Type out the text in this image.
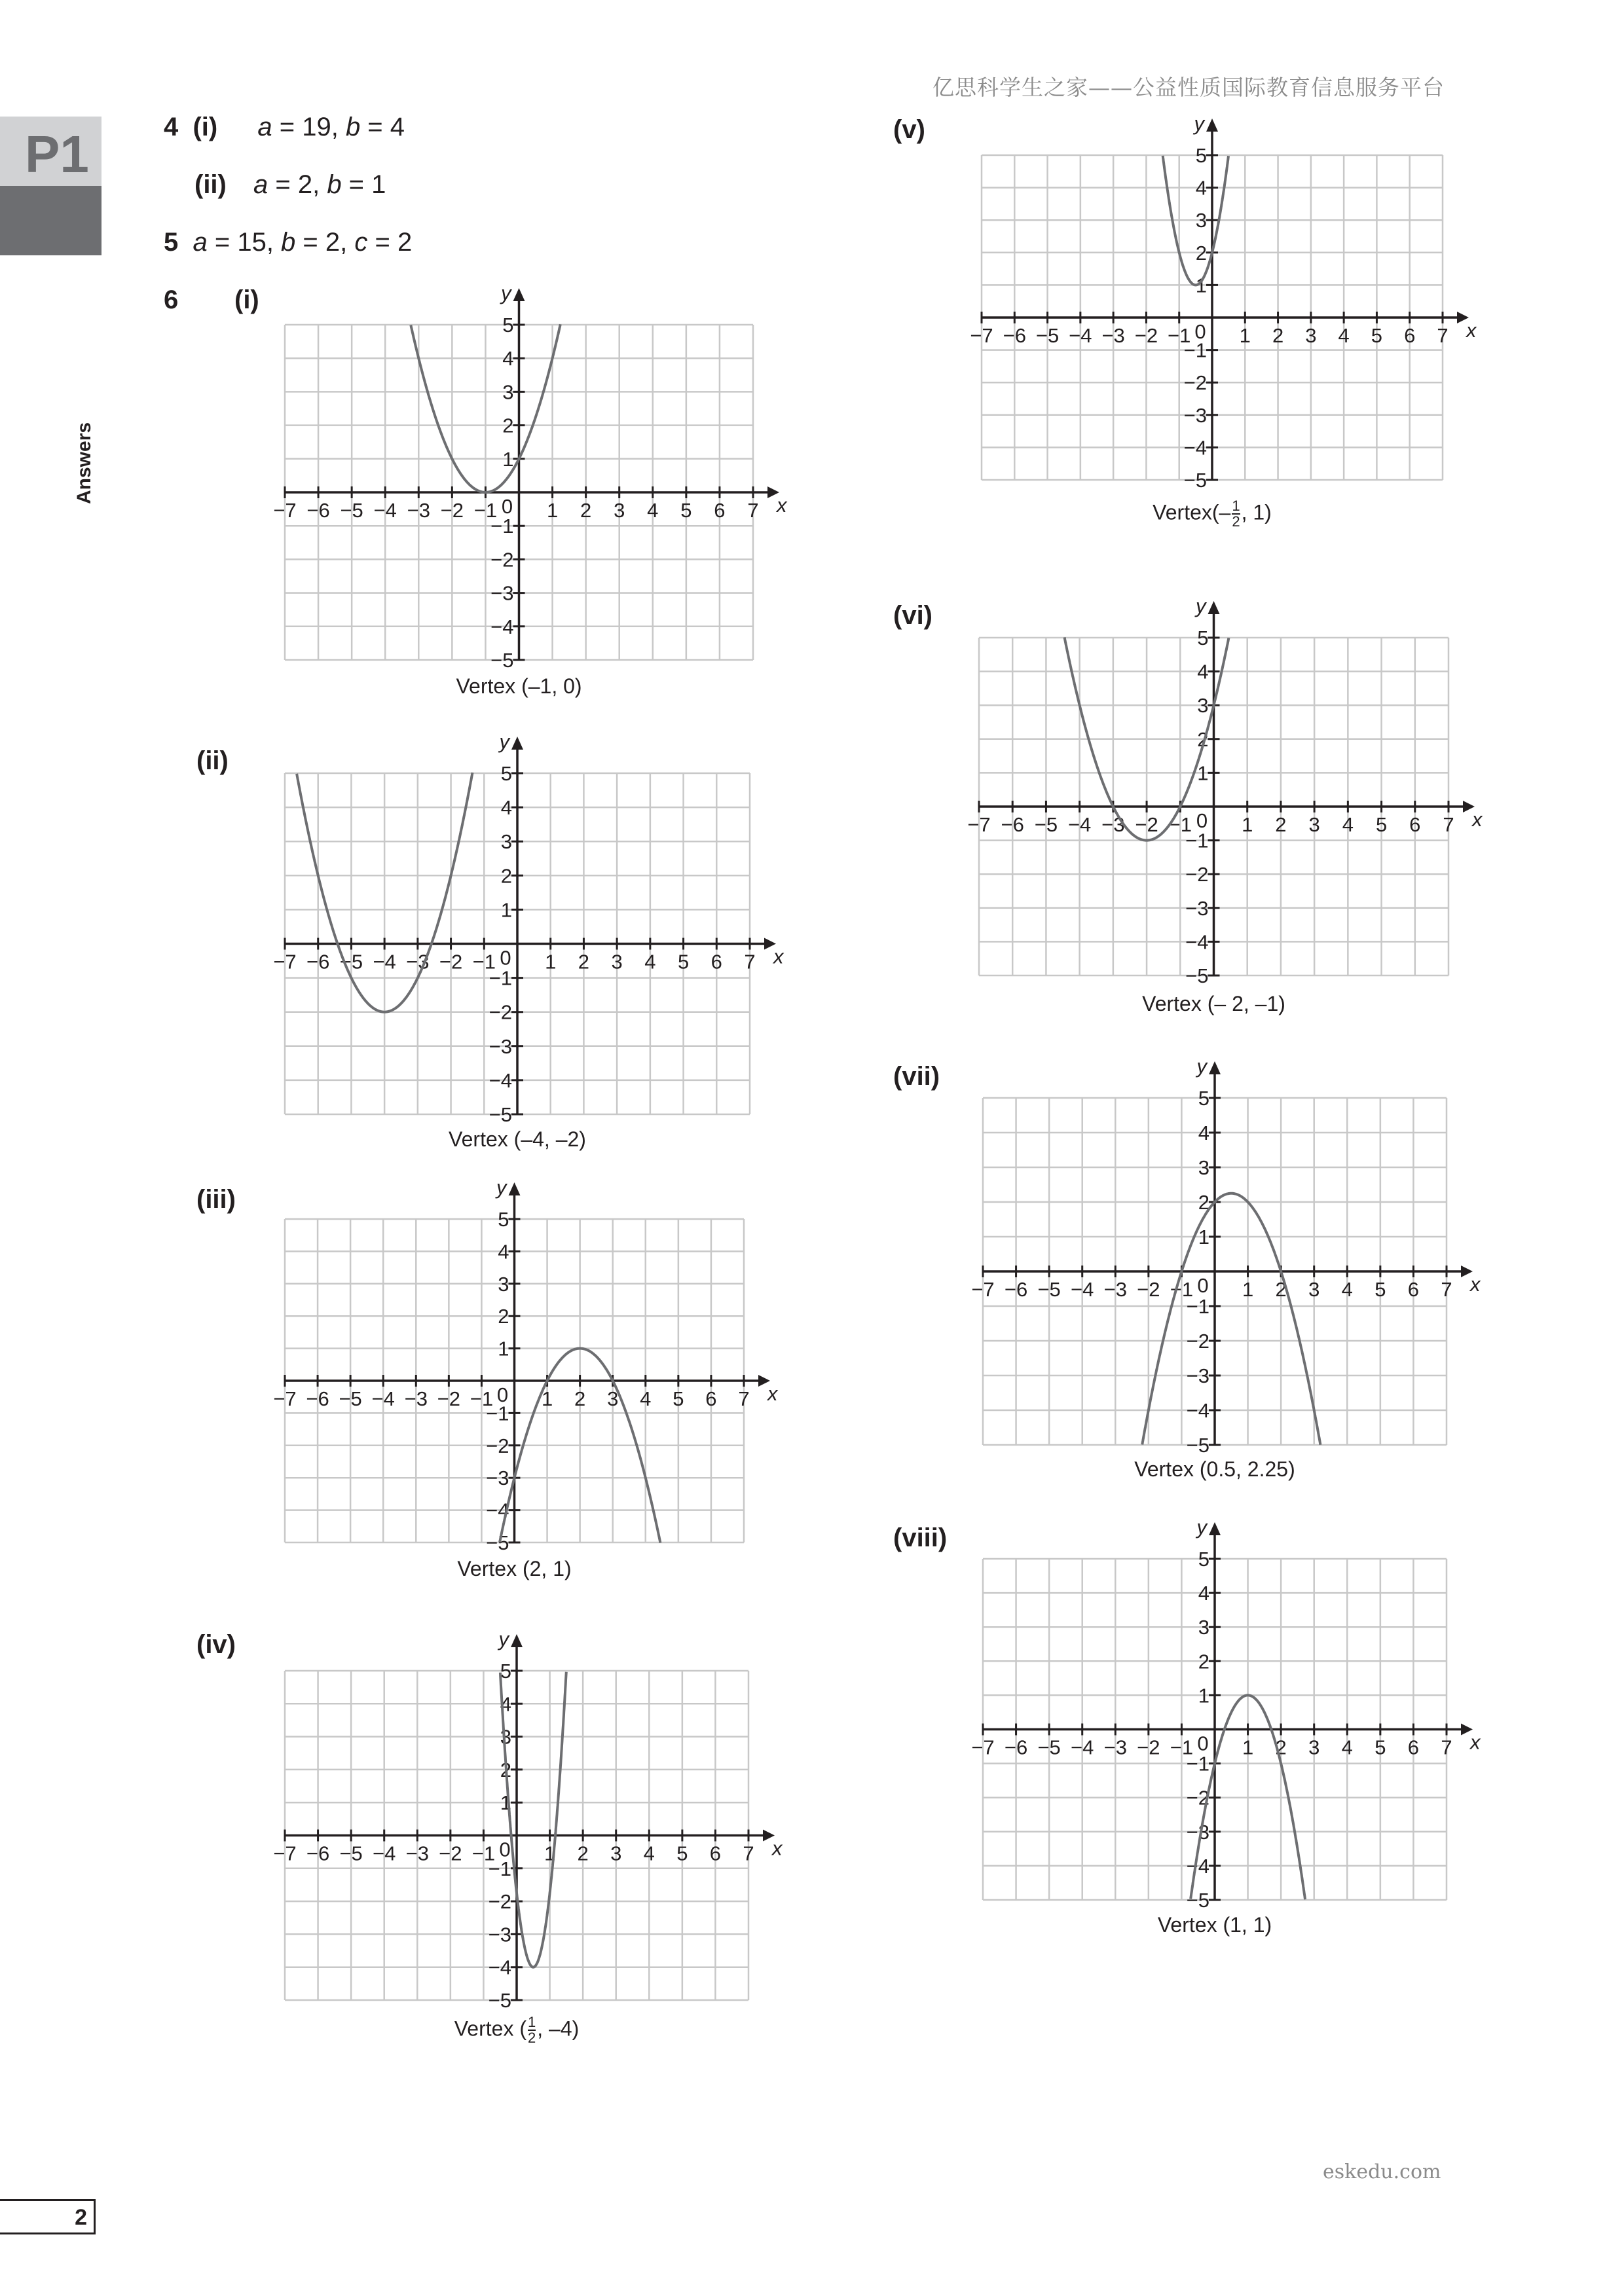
亿思科学生之家——公益性质国际教育信息服务平台
P1
Answers
4 (i) a = 19, b = 4
(ii) a = 2, b = 1
5 a = 15, b = 2, c = 2
6 (i)
−7 −6 −5 −4 −3 −2 −1 1 2 3 4 5 6 7
−5
−4
−3
−2
−1
1
2
3
4
5
0	x
y
Vertex (–1, 0)
(ii)
−7 −6 −5 −4 −3 −2 −1 1 2 3 4 5 6 7
−5
−4
−3
−2
−1
1
2
3
4
5
0	x
y
Vertex (–4, –2)
(iii)
−7 −6 −5 −4 −3 −2 −1 1 2 3 4 5 6 7
−5
−4
−3
−2
−1
1
2
3
4
5
0	x
y
Vertex (2, 1)
(iv)
−7 −6 −5 −4 −3 −2 −1 1 2 3 4 5 6 7
−5
−4
−3
−2
−1
1
2
3
4
5
0	x
y
Vertex ( $\frac{1}{2}$ , –4)
(v)
−7 −6 −5 −4 −3 −2 −1 1 2 3 4 5 6 7
−5
−4
−3
−2
−1
1
2
3
4
5
0	x
y
Vertex(– $\frac{1}{2}$ , 1)
(vi)
−7 −6 −5 −4 −3 −2 −1 1 2 3 4 5 6 7
−5
−4
−3
−2
−1
1
2
3
4
5
0	x
y
Vertex (– 2, –1)
(vii)
−7 −6 −5 −4 −3 −2 −1 1 2 3 4 5 6 7
−5
−4
−3
−2
−1
1
2
3
4
5
0	x
y
Vertex (0.5, 2.25)
(viii)
−7 −6 −5 −4 −3 −2 −1 1 2 3 4 5 6 7
−5
−4
−3
−2
−1
1
2
3
4
5
0	x
y
Vertex (1, 1)
eskedu.com
2
